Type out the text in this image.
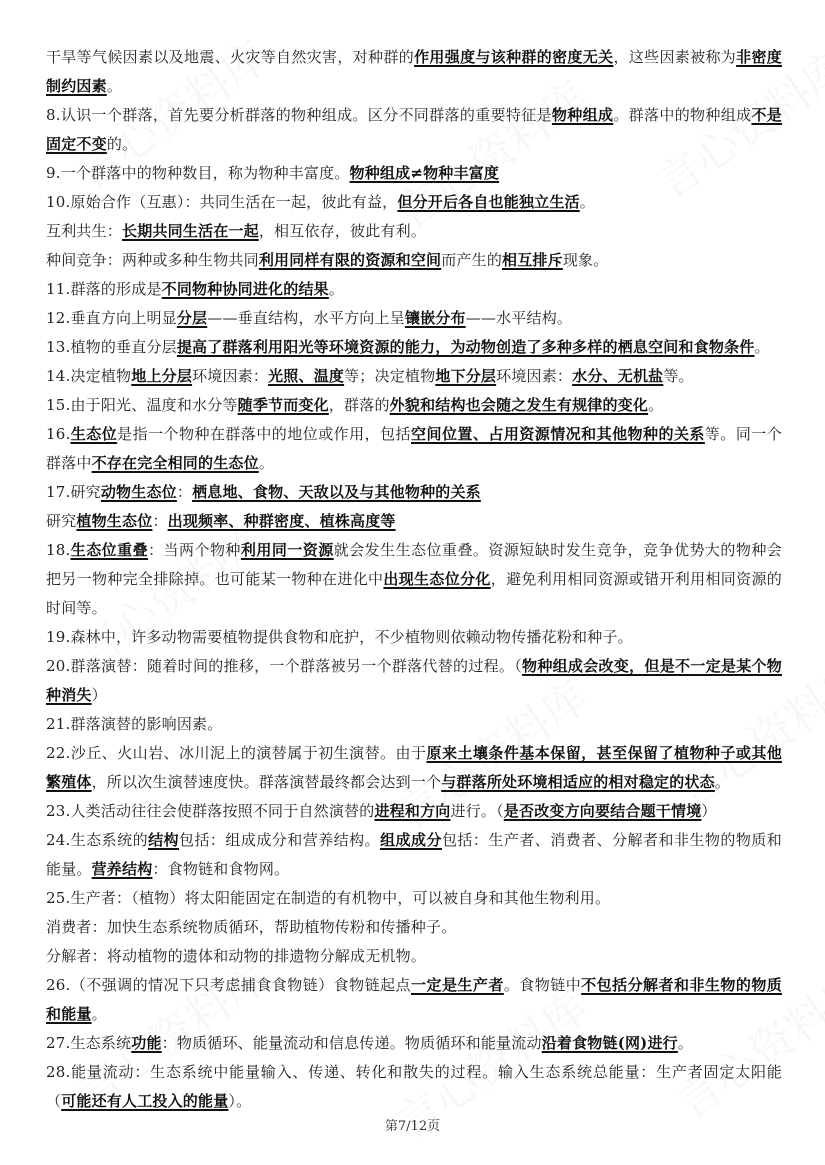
干旱等气候因素以及地震、火灾等自然灾害，对种群的作用强度与该种群的密度无关，这些因素被称为非密度制约因素。
8.认识一个群落，首先要分析群落的物种组成。区分不同群落的重要特征是物种组成。群落中的物种组成不是固定不变的。
9.一个群落中的物种数目，称为物种丰富度。物种组成≠物种丰富度
10.原始合作（互惠）：共同生活在一起，彼此有益，但分开后各自也能独立生活。
互利共生：长期共同生活在一起，相互依存，彼此有利。
种间竞争：两种或多种生物共同利用同样有限的资源和空间而产生的相互排斥现象。
11.群落的形成是不同物种协同进化的结果。
12.垂直方向上明显分层——垂直结构，水平方向上呈镶嵌分布——水平结构。
13.植物的垂直分层提高了群落利用阳光等环境资源的能力，为动物创造了多种多样的栖息空间和食物条件。
14.决定植物地上分层环境因素：光照、温度等；决定植物地下分层环境因素：水分、无机盐等。
15.由于阳光、温度和水分等随季节而变化，群落的外貌和结构也会随之发生有规律的变化。
16.生态位是指一个物种在群落中的地位或作用，包括空间位置、占用资源情况和其他物种的关系等。同一个群落中不存在完全相同的生态位。
17.研究动物生态位：栖息地、食物、天敌以及与其他物种的关系
研究植物生态位：出现频率、种群密度、植株高度等
18.生态位重叠：当两个物种利用同一资源就会发生生态位重叠。资源短缺时发生竞争，竞争优势大的物种会把另一物种完全排除掉。也可能某一物种在进化中出现生态位分化，避免利用相同资源或错开利用相同资源的时间等。
19.森林中，许多动物需要植物提供食物和庇护，不少植物则依赖动物传播花粉和种子。
20.群落演替：随着时间的推移，一个群落被另一个群落代替的过程。（物种组成会改变，但是不一定是某个物种消失）
21.群落演替的影响因素。
22.沙丘、火山岩、冰川泥上的演替属于初生演替。由于原来土壤条件基本保留，甚至保留了植物种子或其他繁殖体，所以次生演替速度快。群落演替最终都会达到一个与群落所处环境相适应的相对稳定的状态。
23.人类活动往往会使群落按照不同于自然演替的进程和方向进行。（是否改变方向要结合题干情境）
24.生态系统的结构包括：组成成分和营养结构。组成成分包括：生产者、消费者、分解者和非生物的物质和能量。营养结构：食物链和食物网。
25.生产者：（植物）将太阳能固定在制造的有机物中，可以被自身和其他生物利用。
消费者：加快生态系统物质循环，帮助植物传粉和传播种子。
分解者：将动植物的遗体和动物的排遗物分解成无机物。
26.（不强调的情况下只考虑捕食食物链）食物链起点一定是生产者。食物链中不包括分解者和非生物的物质和能量。
27.生态系统功能：物质循环、能量流动和信息传递。物质循环和能量流动沿着食物链(网)进行。
28.能量流动：生态系统中能量输入、传递、转化和散失的过程。输入生态系统总能量：生产者固定太阳能（可能还有人工投入的能量）。
第7/12页
